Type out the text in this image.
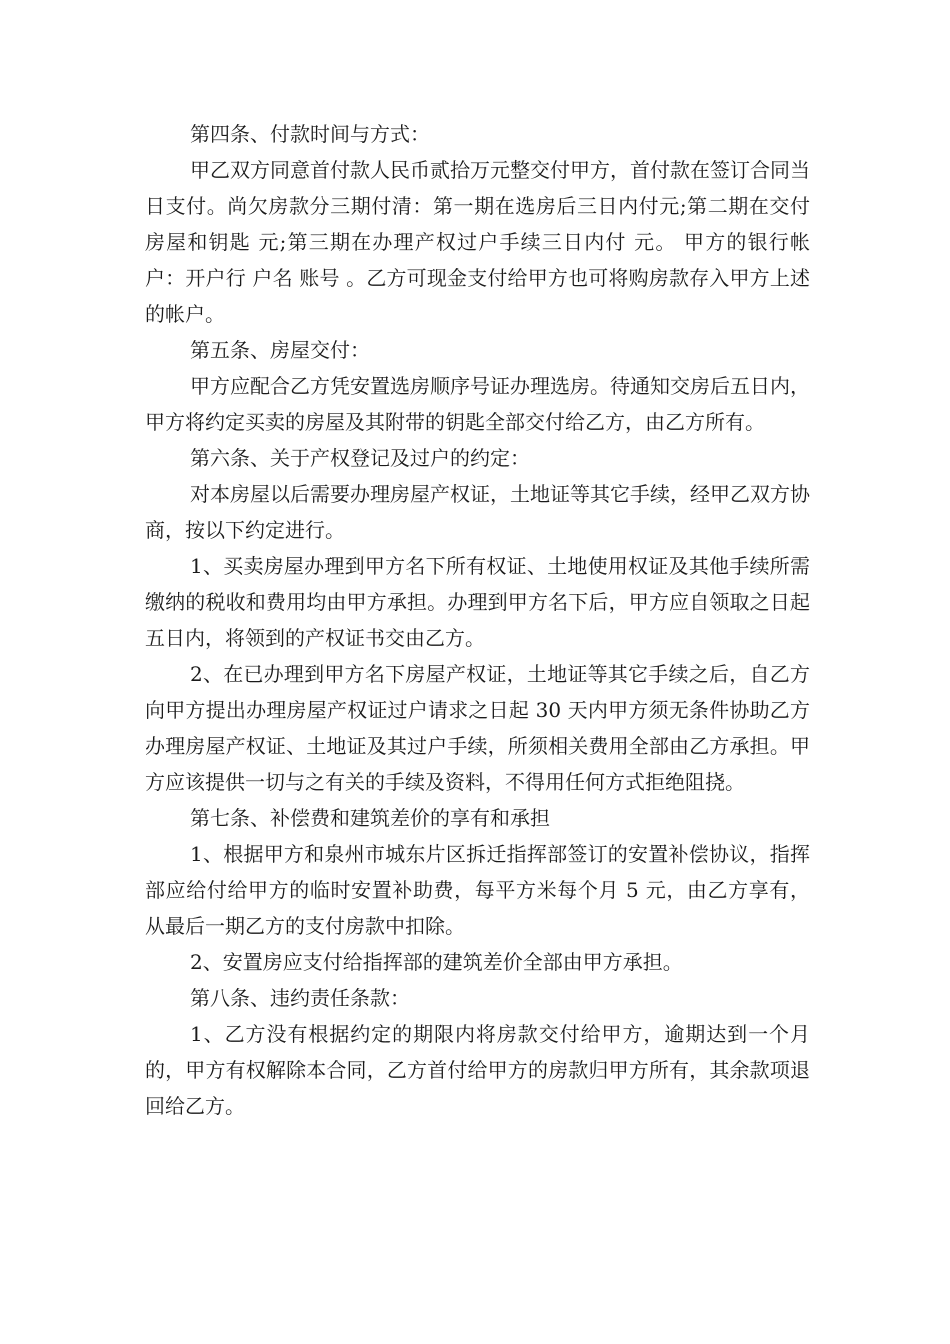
第四条、付款时间与方式：

甲乙双方同意首付款人民币贰拾万元整交付甲方，首付款在签订合同当日支付。尚欠房款分三期付清：第一期在选房后三日内付元;第二期在交付房屋和钥匙 元;第三期在办理产权过户手续三日内付 元。 甲方的银行帐户：开户行 户名 账号 。乙方可现金支付给甲方也可将购房款存入甲方上述的帐户。

第五条、房屋交付：

甲方应配合乙方凭安置选房顺序号证办理选房。待通知交房后五日内，甲方将约定买卖的房屋及其附带的钥匙全部交付给乙方，由乙方所有。

第六条、关于产权登记及过户的约定：

对本房屋以后需要办理房屋产权证，土地证等其它手续，经甲乙双方协商，按以下约定进行。

1、买卖房屋办理到甲方名下所有权证、土地使用权证及其他手续所需缴纳的税收和费用均由甲方承担。办理到甲方名下后，甲方应自领取之日起五日内，将领到的产权证书交由乙方。

2、在已办理到甲方名下房屋产权证，土地证等其它手续之后，自乙方向甲方提出办理房屋产权证过户请求之日起 30 天内甲方须无条件协助乙方办理房屋产权证、土地证及其过户手续，所须相关费用全部由乙方承担。甲方应该提供一切与之有关的手续及资料，不得用任何方式拒绝阻挠。

第七条、补偿费和建筑差价的享有和承担

1、根据甲方和泉州市城东片区拆迁指挥部签订的安置补偿协议，指挥部应给付给甲方的临时安置补助费，每平方米每个月 5 元，由乙方享有，从最后一期乙方的支付房款中扣除。

2、安置房应支付给指挥部的建筑差价全部由甲方承担。

第八条、违约责任条款：

1、乙方没有根据约定的期限内将房款交付给甲方，逾期达到一个月的，甲方有权解除本合同，乙方首付给甲方的房款归甲方所有，其余款项退回给乙方。
